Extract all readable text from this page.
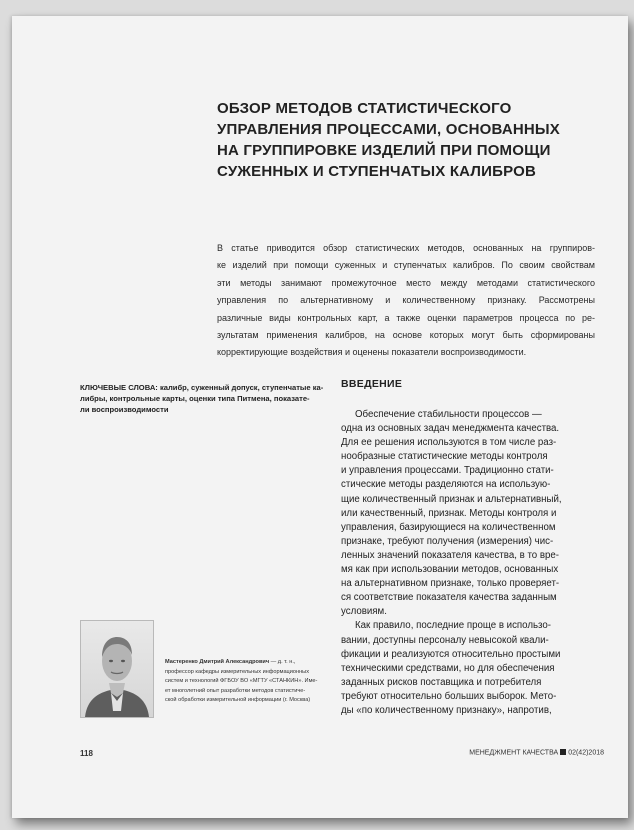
ОБЗОР МЕТОДОВ СТАТИСТИЧЕСКОГО
УПРАВЛЕНИЯ ПРОЦЕССАМИ, ОСНОВАННЫХ
НА ГРУППИРОВКЕ ИЗДЕЛИЙ ПРИ ПОМОЩИ
СУЖЕННЫХ И СТУПЕНЧАТЫХ КАЛИБРОВ
В статье приводится обзор статистических методов, основанных на группиров-
ке изделий при помощи суженных и ступенчатых калибров. По своим свойствам
эти методы занимают промежуточное место между методами статистического
управления по альтернативному и количественному признаку. Рассмотрены
различные виды контрольных карт, а также оценки параметров процесса по ре-
зультатам применения калибров, на основе которых могут быть сформированы
корректирующие воздействия и оценены показатели воспроизводимости.
КЛЮЧЕВЫЕ СЛОВА: калибр, суженный допуск, ступенчатые ка-
либры, контрольные карты, оценки типа Питмена, показате-
ли воспроизводимости
ВВЕДЕНИЕ
Обеспечение стабильности процессов —
одна из основных задач менеджмента качества.
Для ее решения используются в том числе раз-
нообразные статистические методы контроля
и управления процессами. Традиционно стати-
стические методы разделяются на использую-
щие количественный признак и альтернативный,
или качественный, признак. Методы контроля и
управления, базирующиеся на количественном
признаке, требуют получения (измерения) чис-
ленных значений показателя качества, в то вре-
мя как при использовании методов, основанных
на альтернативном признаке, только проверяет-
ся соответствие показателя качества заданным
условиям.
Как правило, последние проще в использо-
вании, доступны персоналу невысокой квали-
фикации и реализуются относительно простыми
техническими средствами, но для обеспечения
заданных рисков поставщика и потребителя
требуют относительно больших выборок. Мето-
ды «по количественному признаку», напротив,
Мастеренко Дмитрий Александрович — д. т. н.,
профессор кафедры измерительных информационных
систем и технологий ФГБОУ ВО «МГТУ «СТАНКИН». Име-
ет многолетний опыт разработки методов статистиче-
ской обработки измерительной информации (г. Москва)
118	МЕНЕДЖМЕНТ КАЧЕСТВА 02(42)2018
